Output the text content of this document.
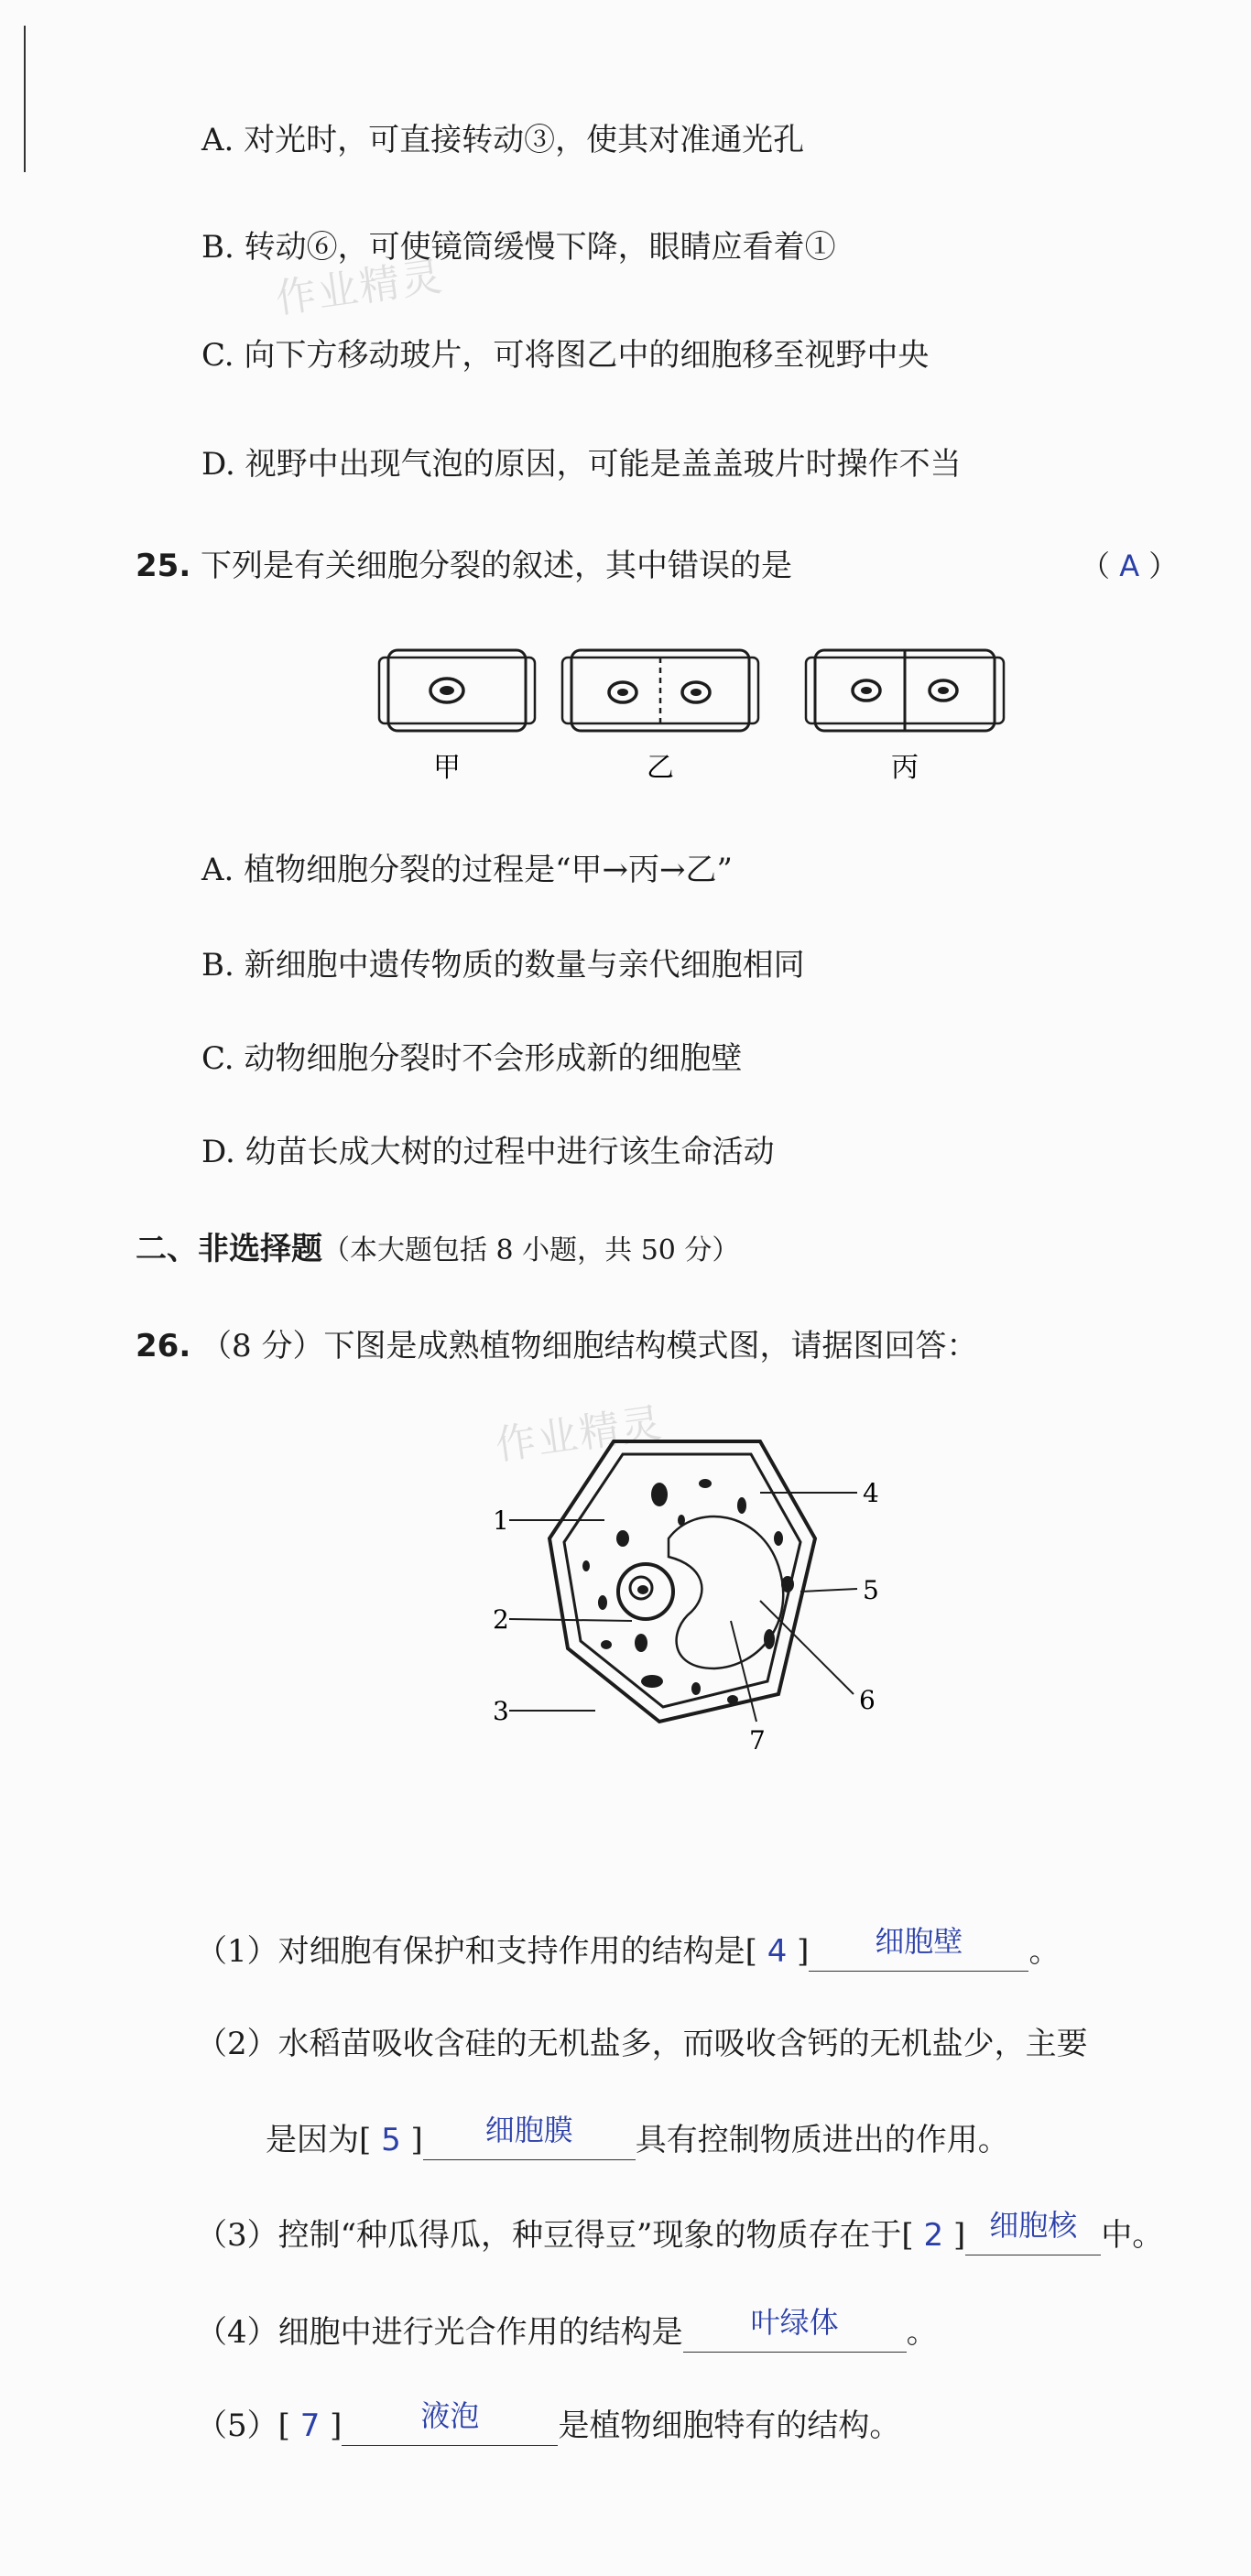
A. 对光时，可直接转动③，使其对准通光孔
B. 转动⑥，可使镜筒缓慢下降，眼睛应看着①
C. 向下方移动玻片，可将图乙中的细胞移至视野中央
D. 视野中出现气泡的原因，可能是盖盖玻片时操作不当
作业精灵
25. 下列是有关细胞分裂的叙述，其中错误的是	（ A ）
甲	乙	丙
A. 植物细胞分裂的过程是“甲→丙→乙”
B. 新细胞中遗传物质的数量与亲代细胞相同
C. 动物细胞分裂时不会形成新的细胞壁
D. 幼苗长成大树的过程中进行该生命活动
二、非选择题（本大题包括 8 小题，共 50 分）
26. （8 分）下图是成熟植物细胞结构模式图，请据图回答：
作业精灵
1
2
3
4
5
6
7
（1）对细胞有保护和支持作用的结构是[ 4 ]	细胞壁	。
（2）水稻苗吸收含硅的无机盐多，而吸收含钙的无机盐少，主要
是因为[ 5 ]	细胞膜	具有控制物质进出的作用。
（3）控制“种瓜得瓜，种豆得豆”现象的物质存在于[ 2 ] 细胞核 中。
（4）细胞中进行光合作用的结构是	叶绿体	。
（5）[ 7 ]	液泡	是植物细胞特有的结构。
